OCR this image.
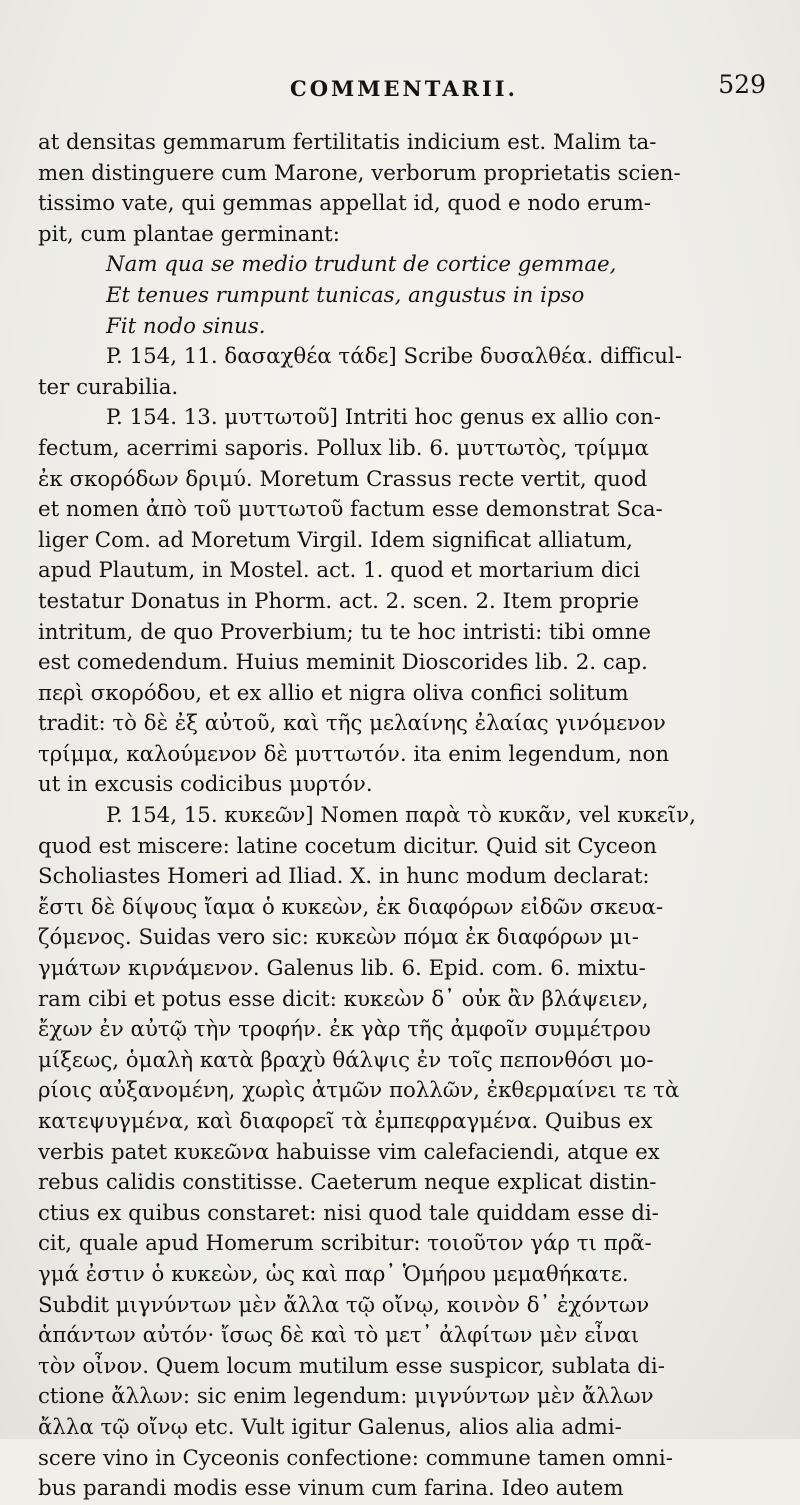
COMMENTARII.	529
at densitas gemmarum fertilitatis indicium est. Malim ta-
men distinguere cum Marone, verborum proprietatis scien-
tissimo vate, qui gemmas appellat id, quod e nodo erum-
pit, cum plantae germinant:
Nam qua se medio trudunt de cortice gemmae,
Et tenues rumpunt tunicas, angustus in ipso
Fit nodo sinus.
P. 154, 11. δασαχθέα τάδε] Scribe δυσαλθέα. difficul-
ter curabilia.
P. 154. 13. μυττωτοῦ] Intriti hoc genus ex allio con-
fectum, acerrimi saporis. Pollux lib. 6. μυττωτὸς, τρίμμα
ἐκ σκορόδων δριμύ. Moretum Crassus recte vertit, quod
et nomen ἀπὸ τοῦ μυττωτοῦ factum esse demonstrat Sca-
liger Com. ad Moretum Virgil. Idem significat alliatum,
apud Plautum, in Mostel. act. 1. quod et mortarium dici
testatur Donatus in Phorm. act. 2. scen. 2. Item proprie
intritum, de quo Proverbium; tu te hoc intristi: tibi omne
est comedendum. Huius meminit Dioscorides lib. 2. cap.
περὶ σκορόδου, et ex allio et nigra oliva confici solitum
tradit: τὸ δὲ ἐξ αὐτοῦ, καὶ τῆς μελαίνης ἐλαίας γινόμενον
τρίμμα, καλούμενον δὲ μυττωτόν. ita enim legendum, non
ut in excusis codicibus μυρτόν.
P. 154, 15. κυκεῶν] Nomen παρὰ τὸ κυκᾶν, vel κυκεῖν,
quod est miscere: latine cocetum dicitur. Quid sit Cyceon
Scholiastes Homeri ad Iliad. X. in hunc modum declarat:
ἔστι δὲ δίψους ἴαμα ὁ κυκεὼν, ἐκ διαφόρων εἰδῶν σκευα-
ζόμενος. Suidas vero sic: κυκεὼν πόμα ἐκ διαφόρων μι-
γμάτων κιρνάμενον. Galenus lib. 6. Epid. com. 6. mixtu-
ram cibi et potus esse dicit: κυκεὼν δ᾽ οὐκ ἂν βλάψειεν,
ἔχων ἐν αὐτῷ τὴν τροφήν. ἐκ γὰρ τῆς ἀμφοῖν συμμέτρου
μίξεως, ὁμαλὴ κατὰ βραχὺ θάλψις ἐν τοῖς πεπονθόσι μο-
ρίοις αὐξανομένη, χωρὶς ἀτμῶν πολλῶν, ἐκθερμαίνει τε τὰ
κατεψυγμένα, καὶ διαφορεῖ τὰ ἐμπεφραγμένα. Quibus ex
verbis patet κυκεῶνα habuisse vim calefaciendi, atque ex
rebus calidis constitisse. Caeterum neque explicat distin-
ctius ex quibus constaret: nisi quod tale quiddam esse di-
cit, quale apud Homerum scribitur: τοιοῦτον γάρ τι πρᾶ-
γμά ἐστιν ὁ κυκεὼν, ὡς καὶ παρ᾽ Ὁμήρου μεμαθήκατε.
Subdit μιγνύντων μὲν ἄλλα τῷ οἴνῳ, κοινὸν δ᾽ ἐχόντων
ἁπάντων αὐτόν· ἴσως δὲ καὶ τὸ μετ᾽ ἀλφίτων μὲν εἶναι
τὸν οἶνον. Quem locum mutilum esse suspicor, sublata di-
ctione ἄλλων: sic enim legendum: μιγνύντων μὲν ἄλλων
ἄλλα τῷ οἴνῳ etc. Vult igitur Galenus, alios alia admi-
scere vino in Cyceonis confectione: commune tamen omni-
bus parandi modis esse vinum cum farina. Ideo autem
